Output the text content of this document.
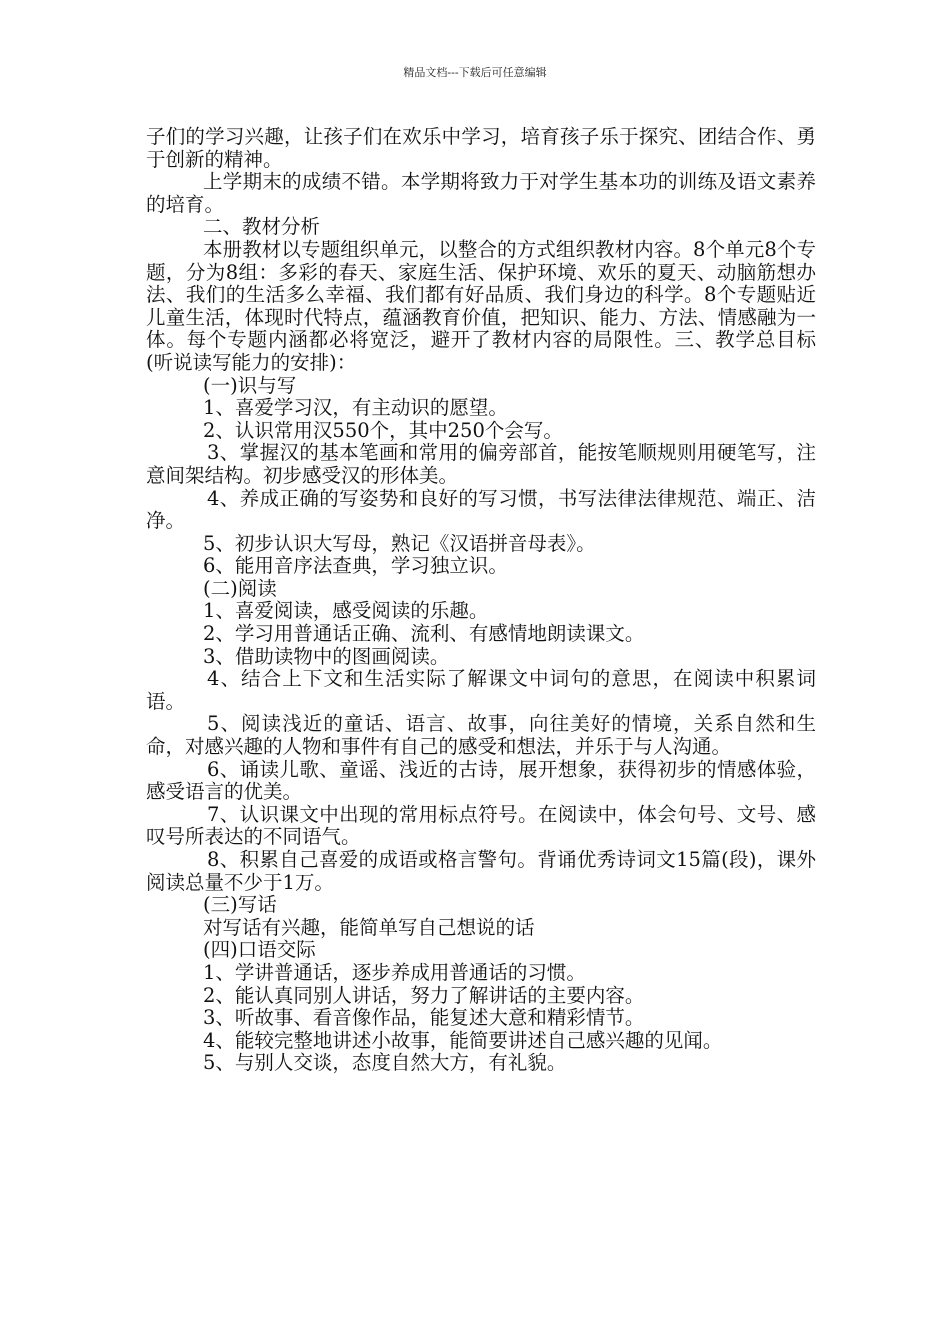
精品文档---下载后可任意编辑

子们的学习兴趣，让孩子们在欢乐中学习，培育孩子乐于探究、团结合作、勇于创新的精神。

上学期末的成绩不错。本学期将致力于对学生基本功的训练及语文素养的培育。

二、教材分析

本册教材以专题组织单元，以整合的方式组织教材内容。8个单元8个专题，分为8组：多彩的春天、家庭生活、保护环境、欢乐的夏天、动脑筋想办法、我们的生活多么幸福、我们都有好品质、我们身边的科学。8个专题贴近儿童生活，体现时代特点，蕴涵教育价值，把知识、能力、方法、情感融为一体。每个专题内涵都必将宽泛，避开了教材内容的局限性。三、教学总目标(听说读写能力的安排)：

(一)识与写

1、喜爱学习汉，有主动识的愿望。

2、认识常用汉550个，其中250个会写。

3、掌握汉的基本笔画和常用的偏旁部首，能按笔顺规则用硬笔写，注意间架结构。初步感受汉的形体美。

4、养成正确的写姿势和良好的写习惯，书写法律法律规范、端正、洁净。

5、初步认识大写母，熟记《汉语拼音母表》。

6、能用音序法查典，学习独立识。

(二)阅读

1、喜爱阅读，感受阅读的乐趣。

2、学习用普通话正确、流利、有感情地朗读课文。

3、借助读物中的图画阅读。

4、结合上下文和生活实际了解课文中词句的意思，在阅读中积累词语。

5、阅读浅近的童话、语言、故事，向往美好的情境，关系自然和生命，对感兴趣的人物和事件有自己的感受和想法，并乐于与人沟通。

6、诵读儿歌、童谣、浅近的古诗，展开想象，获得初步的情感体验，感受语言的优美。

7、认识课文中出现的常用标点符号。在阅读中，体会句号、文号、感叹号所表达的不同语气。

8、积累自己喜爱的成语或格言警句。背诵优秀诗词文15篇(段)，课外阅读总量不少于1万。

(三)写话

对写话有兴趣，能简单写自己想说的话

(四)口语交际

1、学讲普通话，逐步养成用普通话的习惯。

2、能认真同别人讲话，努力了解讲话的主要内容。

3、听故事、看音像作品，能复述大意和精彩情节。

4、能较完整地讲述小故事，能简要讲述自己感兴趣的见闻。

5、与别人交谈，态度自然大方，有礼貌。
